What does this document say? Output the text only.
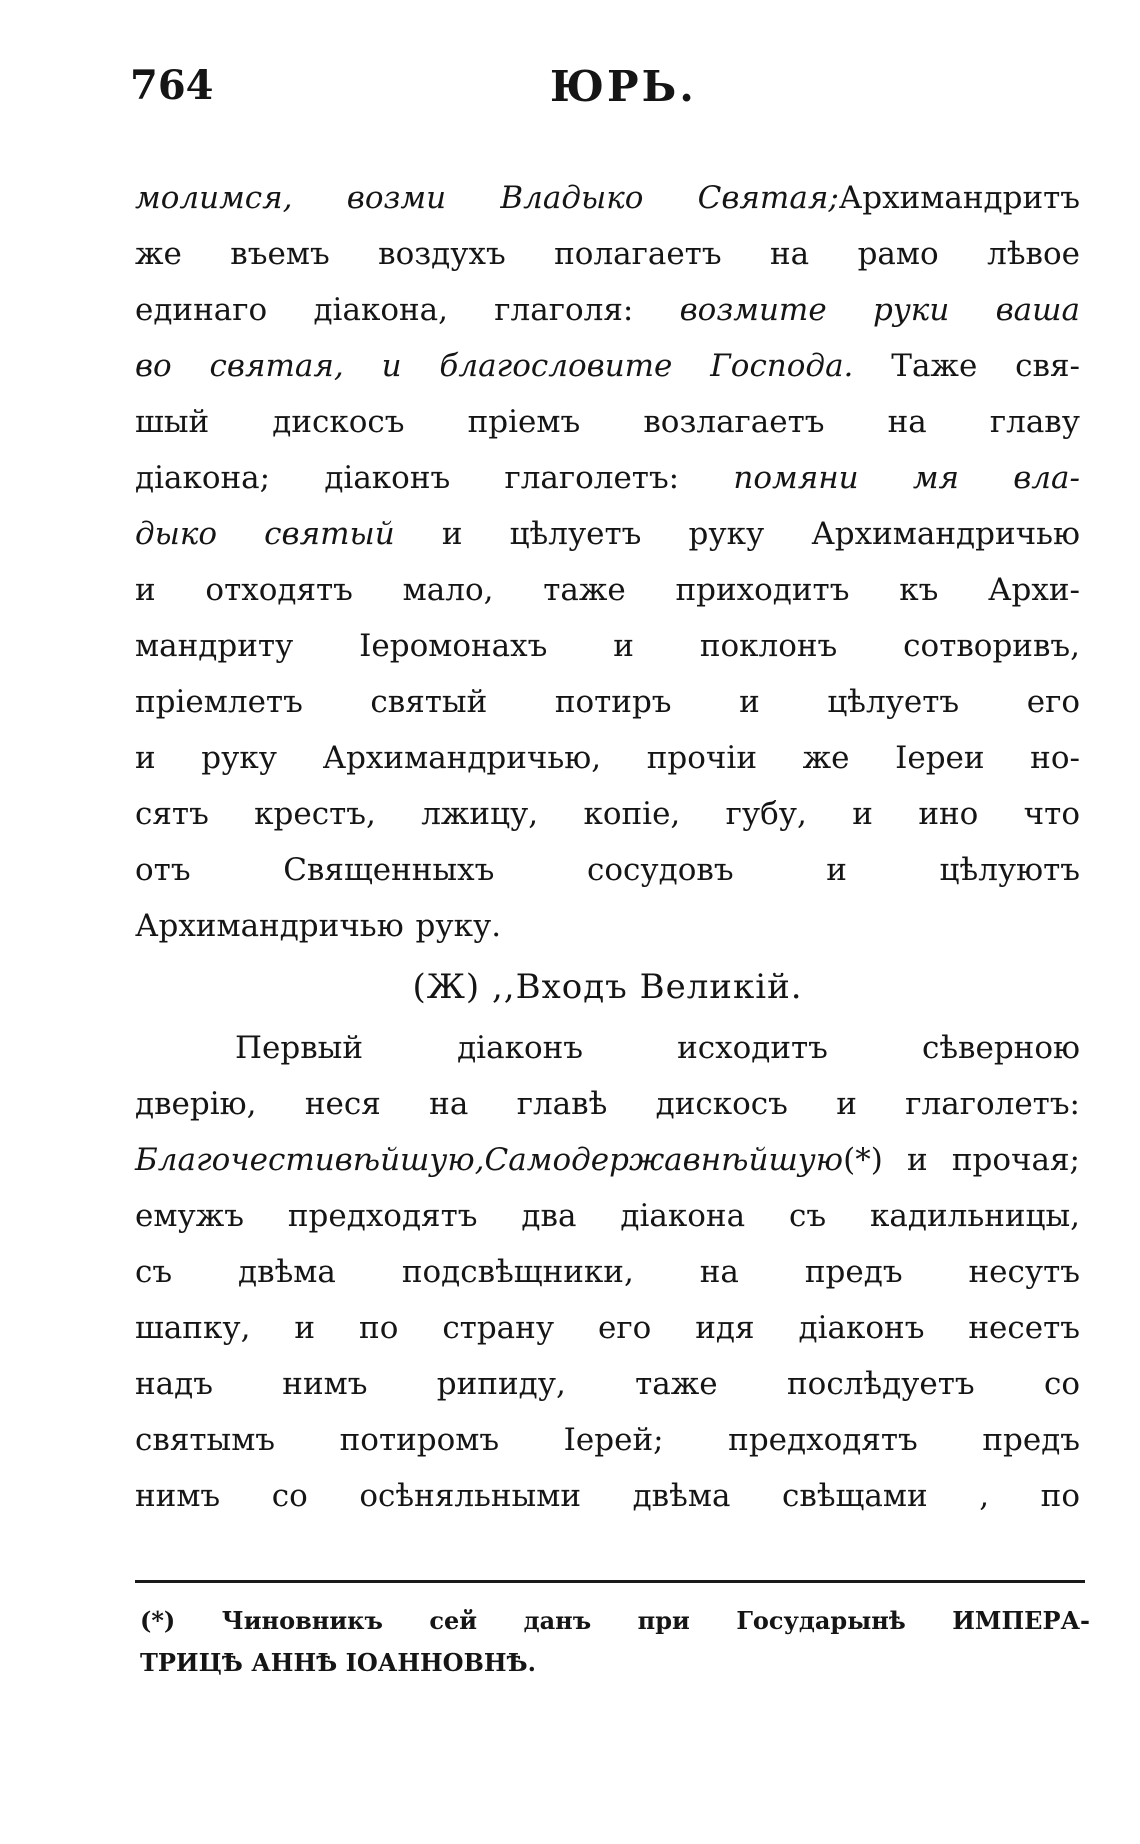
764	ЮРЬ.
молимся, возми Владыко Святая;Архимандритъ
же въемъ воздухъ полагаетъ на рамо лѣвое
единаго діакона, глаголя: возмите руки ваша
во святая, и благословите Господа. Таже свя-
шый дискосъ пріемъ возлагаетъ на главу
діакона; діаконъ глаголетъ: помяни мя вла-
дыко святый и цѣлуетъ руку Архимандричью
и отходятъ мало, таже приходитъ къ Архи-
мандриту Іеромонахъ и поклонъ сотворивъ,
пріемлетъ святый потиръ и цѣлуетъ его
и руку Архимандричью, прочіи же Іереи но-
сятъ крестъ, лжицу, копіе, губу, и ино что
отъ Священныхъ сосудовъ и цѣлуютъ
Архимандричью руку.
(Ж) ,,Входъ Великій.
Первый діаконъ исходитъ сѣверною
дверію, неся на главѣ дискосъ и глаголетъ:
Благочестивѣйшую,Самодержавнѣйшую(*) и прочая;
емужъ предходятъ два діакона съ кадильницы,
съ двѣма подсвѣщники, на предъ несутъ
шапку, и по страну его идя діаконъ несетъ
надъ нимъ рипиду, таже послѣдуетъ со
святымъ потиромъ Іерей; предходятъ предъ
нимъ со осѣняльными двѣма свѣщами , по
(*) Чиновникъ сей данъ при Государынѣ ИМПЕРА-
ТРИЦѢ АННѢ ІОАННОВНѢ.
